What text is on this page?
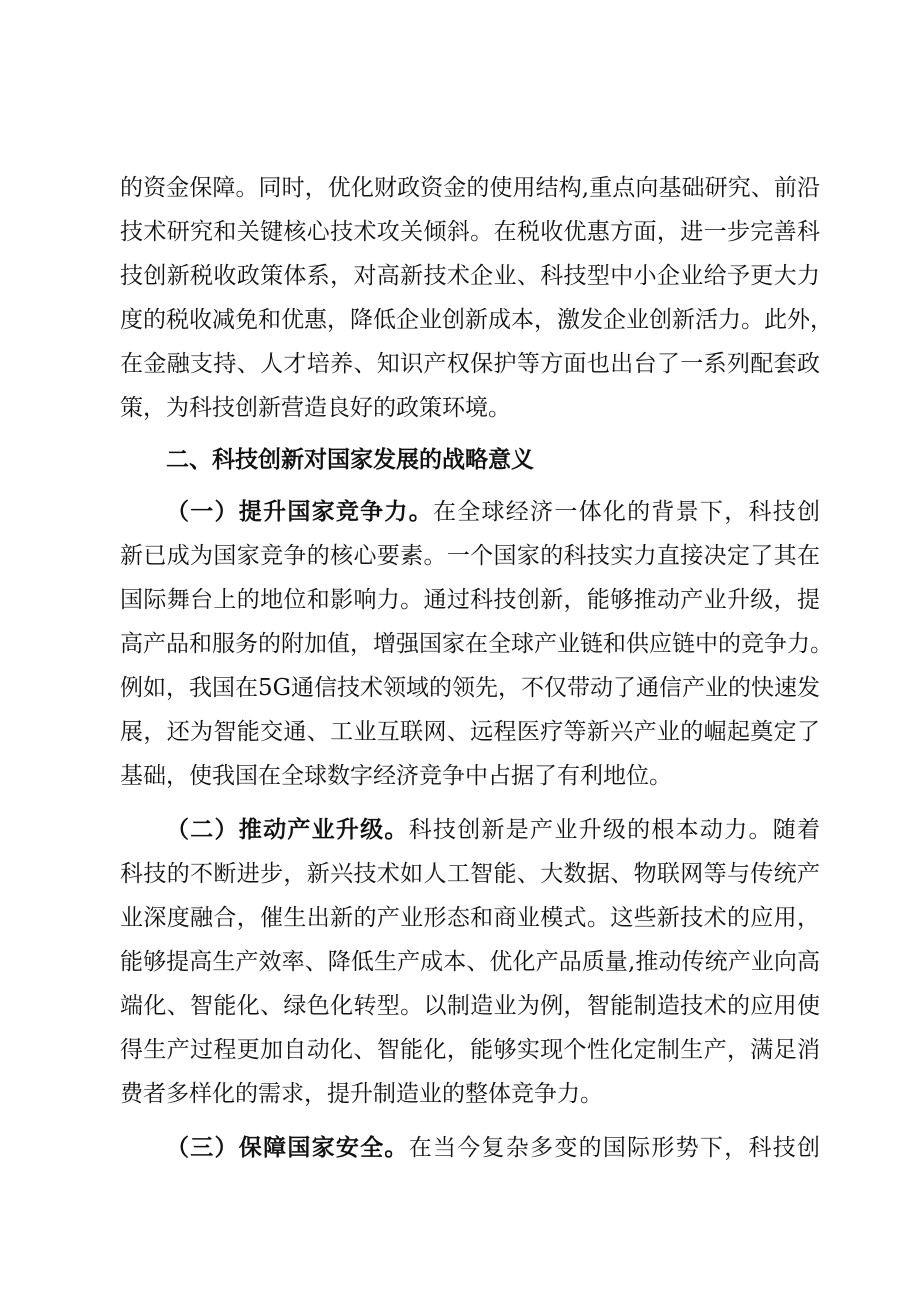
的资金保障。同时，优化财政资金的使用结构,重点向基础研究、前沿
技术研究和关键核心技术攻关倾斜。在税收优惠方面，进一步完善科
技创新税收政策体系，对高新技术企业、科技型中小企业给予更大力
度的税收减免和优惠，降低企业创新成本，激发企业创新活力。此外，
在金融支持、人才培养、知识产权保护等方面也出台了一系列配套政
策，为科技创新营造良好的政策环境。
二、科技创新对国家发展的战略意义
（一）提升国家竞争力。在全球经济一体化的背景下，科技创
新已成为国家竞争的核心要素。一个国家的科技实力直接决定了其在
国际舞台上的地位和影响力。通过科技创新，能够推动产业升级，提
高产品和服务的附加值，增强国家在全球产业链和供应链中的竞争力。
例如，我国在5G通信技术领域的领先，不仅带动了通信产业的快速发
展，还为智能交通、工业互联网、远程医疗等新兴产业的崛起奠定了
基础，使我国在全球数字经济竞争中占据了有利地位。
（二）推动产业升级。科技创新是产业升级的根本动力。随着
科技的不断进步，新兴技术如人工智能、大数据、物联网等与传统产
业深度融合，催生出新的产业形态和商业模式。这些新技术的应用，
能够提高生产效率、降低生产成本、优化产品质量,推动传统产业向高
端化、智能化、绿色化转型。以制造业为例，智能制造技术的应用使
得生产过程更加自动化、智能化，能够实现个性化定制生产，满足消
费者多样化的需求，提升制造业的整体竞争力。
（三）保障国家安全。在当今复杂多变的国际形势下，科技创
